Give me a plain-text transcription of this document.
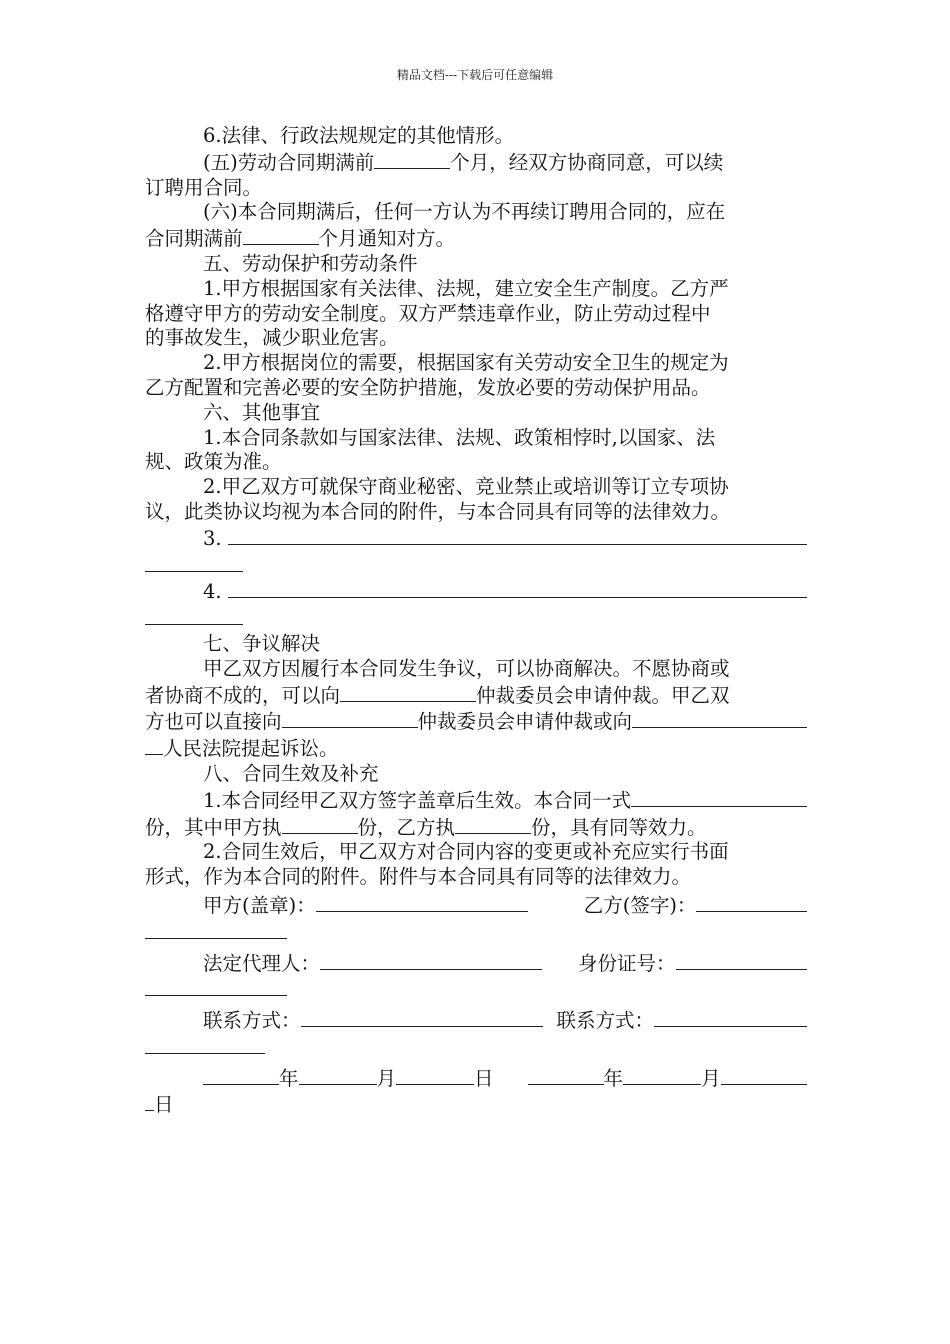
精品文档---下载后可任意编辑

6.法律、行政法规规定的其他情形。

(五)劳动合同期满前	个月，经双方协商同意，可以续

订聘用合同。

(六)本合同期满后，任何一方认为不再续订聘用合同的，应在

合同期满前	个月通知对方。

五、劳动保护和劳动条件

1.甲方根据国家有关法律、法规，建立安全生产制度。乙方严

格遵守甲方的劳动安全制度。双方严禁违章作业，防止劳动过程中

的事故发生，减少职业危害。

2.甲方根据岗位的需要，根据国家有关劳动安全卫生的规定为

乙方配置和完善必要的安全防护措施，发放必要的劳动保护用品。

六、其他事宜

1.本合同条款如与国家法律、法规、政策相悖时,以国家、法

规、政策为准。

2.甲乙双方可就保守商业秘密、竞业禁止或培训等订立专项协

议，此类协议均视为本合同的附件，与本合同具有同等的法律效力。

3.

4.

七、争议解决

甲乙双方因履行本合同发生争议，可以协商解决。不愿协商或

者协商不成的，可以向	仲裁委员会申请仲裁。甲乙双

方也可以直接向	仲裁委员会申请仲裁或向

人民法院提起诉讼。

八、合同生效及补充

1.本合同经甲乙双方签字盖章后生效。本合同一式

份，其中甲方执	份，乙方执	份，具有同等效力。

2.合同生效后，甲乙双方对合同内容的变更或补充应实行书面

形式，作为本合同的附件。附件与本合同具有同等的法律效力。

甲方(盖章)：	乙方(签字)：

法定代理人：	身份证号：

联系方式：	联系方式：

年	月	日	年	月

日
